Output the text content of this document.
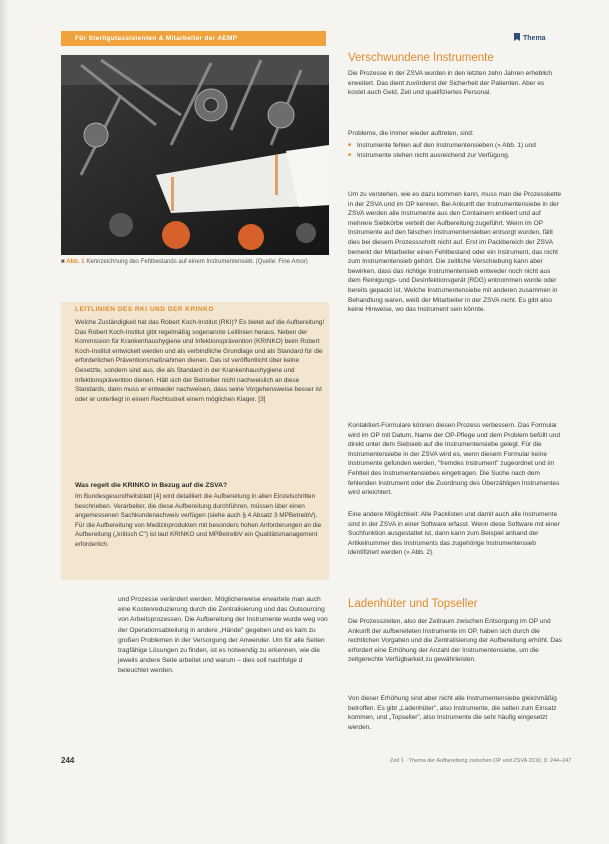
Für Sterilgutassistenten & Mitarbeiter der AEMP	Thema
■ Abb. 1 Kennzeichnung des Fehlbestands auf einem Instrumentensieb. (Quelle: Fine Amor)
LEITLINIEN DES RKI UND DER KRINKO
Welche Zuständigkeit hat das Robert Koch-Institut (RKI)? Es bietet auf die Aufbereitung! Das Robert Koch-Institut gibt regelmäßig sogenannte Leitlinien heraus. Neben der Kommission für Krankenhaushygiene und Infektionsprävention (KRINKO) beim Robert Koch-Institut entwickelt werden und als verbindliche Grundlage und als Standard für die erforderlichen Präventionsmaßnahmen dienen. Das ist veröffentlicht über keine Gesetzte, sondern sind aus, die als Standard in der Krankenhaushygiene und Infektionsprävention dienen. Hält sich der Betreiber nicht nachweislich an diese Standards, dann muss er entweder nachweisen, dass seine Vorgehensweise besser ist oder er unterliegt in einem Rechtsstreit einem möglichen Klager. [3]
Was regelt die KRINKO in Bezug auf die ZSVA?
Im Bundesgesundheitsblatt [4] wird detailliert die Aufbereitung in allen Einzelschritten beschrieben. Verarbeiter, die diese Aufbereitung durchführen, müssen über einen angemessenen Sachkundenachweis verfügen (siehe auch § 4 Absatz 3 MPBetreibV). Für die Aufbereitung von Medizinprodukten mit besonders hohen Anforderungen an die Aufbereitung („kritisch C") ist laut KRINKO und MPBetreibV ein Qualitätsmanagement erforderlich.
und Prozesse verändert werden. Möglicherweise erwartete man auch eine Kostenreduzierung durch die Zentralisierung und das Outsourcing von Arbeitsprozessen. Die Aufbereitung der Instrumente wurde weg von der Operationsabteilung in andere „Hände" gegeben und es kam zu großen Problemen in der Versorgung der Anwender. Um für alle Seiten tragfähige Lösungen zu finden, ist es notwendig zu erkennen, wie die jeweils andere Seite arbeitet und warum – dies soll nachfolge d beleuchtet werden.
244
Verschwundene Instrumente
Die Prozesse in der ZSVA wurden in den letzten zehn Jahren erheblich erweitert. Das dient zuvörderst der Sicherheit der Patienten. Aber es kostet auch Geld, Zeit und qualifiziertes Personal.
Probleme, die immer wieder auftreten, sind:
■ Instrumente fehlen auf den Instrumentensieben (» Abb. 1) und
■ Instrumente stehen nicht ausreichend zur Verfügung.
Um zu verstehen, wie es dazu kommen kann, muss man die Prozesskette in der ZSVA und im OP kennen. Bei Ankunft der Instrumentensiebe in der ZSVA werden alle Instrumente aus den Containern entleert und auf mehrere Siebkörbe verteilt der Aufbereitung zugeführt. Wenn im OP Instrumente auf den falschen Instrumentensieben entsorgt wurden, fällt dies bei diesem Prozessschritt nicht auf. Erst im Packbereich der ZSVA bemerkt der Mitarbeiter einen Fehlbestand oder ein Instrument, das nicht zum Instrumentensieb gehört. Die zeitliche Verschiebung kann aber bewirken, dass das richtige Instrumentensieb entweder noch nicht aus dem Reinigungs- und Desinfektionsgerät (RDG) entnommen wurde oder bereits gepackt ist. Welche Instrumentensiebe mit anderen zusammen in Behandlung waren, weiß der Mitarbeiter in der ZSVA nicht. Es gibt also keine Hinweise, wo das Instrument sein könnte.
Kontaktiert-Formulare können diesen Prozess verbessern. Das Formular wird im OP mit Datum, Name der OP-Pflege und dem Problem befüllt und direkt unter dem Siebsieb auf die Instrumentensiebe gelegt. Für die Instrumentensiebe in der ZSVA wird es, wenn diesem Formular keine Instrumente gefunden werden, "fremdes Instrument" zugeordnet und im Fehlteil des Instrumentensiebes eingetragen. Die Suche nach dem fehlenden Instrument oder die Zuordnung des Überzähligen Instrumentes wird erleichtert.
Eine andere Möglichkeit: Alle Packlisten und damit auch alle Instrumente sind in der ZSVA in einer Software erfasst. Wenn diese Software mit einer Suchfunktion ausgestattet ist, dann kann zum Beispiel anhand der Artikelnummer des Instruments das zugehörige Instrumentensieb identifiziert werden (» Abb. 2).
Ladenhüter und Topseller
Die Prozesszeiten, also der Zeitraum zwischen Entsorgung im OP und Ankunft der aufbereiteten Instrumente im OP, haben sich durch die rechtlichen Vorgaben und die Zentralisierung der Aufbereitung erhöht. Das erfordert eine Erhöhung der Anzahl der Instrumentensiebe, um die zeitgerechte Verfügbarkeit zu gewährleisten.
Von dieser Erhöhung sind aber nicht alle Instrumentensiebe gleichmäßig betroffen. Es gibt „Ladenhüter", also Instrumente, die selten zum Einsatz kommen, und „Topseller", also Instrumente die sehr häufig eingesetzt werden.
Zeit 1 · Thema der Aufbereitung zwischen OP und ZSVA 2016; 9: 244–247
